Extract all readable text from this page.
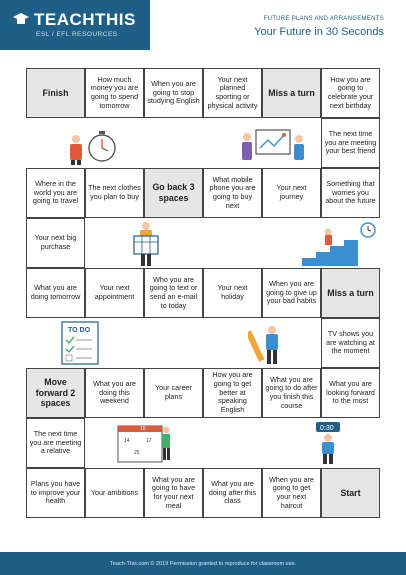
TEACHTHIS
ESL / EFL RESOURCES
FUTURE PLANS AND ARRANGEMENTS
Your Future in 30 Seconds
Finish
How much money you are going to spend tomorrow
When you are going to stop studying English
Your next planned sporting or physical activity
Miss a turn
How you are going to celebrate your next birthday
The next time you are meeting your best friend
Where in the world you are going to travel
The next clothes you plan to buy
Go back 3 spaces
What mobile phone you are going to buy next
Your next journey
Something that worries you about the future
Your next big purchase
What you are doing tomorrow
Your next appointment
Who you are going to text or send an e-mail to today
Your next holiday
When you are going to give up your bad habits
Miss a turn
TV shows you are watching at the moment
Move forward 2 spaces
What you are doing this weekend
Your career plans
How you are going to get better at speaking English
What you are going to do after you finish this course
What you are looking forward to the most
The next time you are meeting a relative
Plans you have to improve your health
Your ambitions
What you are going to have for your next meal
What you are doing after this class
When you are going to get your next haircut
Start
TO DO
10
14	17
25
0:30
Teach-This.com © 2019 Permission granted to reproduce for classroom use.
